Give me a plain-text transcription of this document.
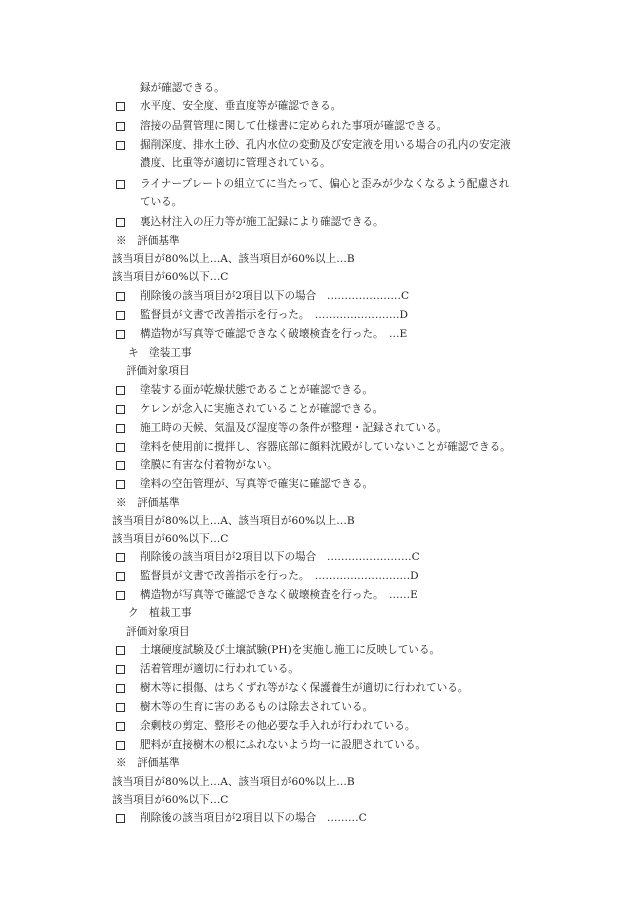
録が確認できる。
水平度、安全度、垂直度等が確認できる。
溶接の品質管理に関して仕様書に定められた事項が確認できる。
掘削深度、排水土砂、孔内水位の変動及び安定液を用いる場合の孔内の安定液
濃度、比重等が適切に管理されている。
ライナープレートの組立てに当たって、偏心と歪みが少なくなるよう配慮され
ている。
裏込材注入の圧力等が施工記録により確認できる。
※　評価基準
該当項目が80%以上…A、該当項目が60%以上…B
該当項目が60%以下…C
削除後の該当項目が2項目以下の場合　…………………C
監督員が文書で改善指示を行った。　……………………D
構造物が写真等で確認できなく破壊検査を行った。　…E
キ　塗装工事
評価対象項目
塗装する面が乾燥状態であることが確認できる。
ケレンが念入に実施されていることが確認できる。
施工時の天候、気温及び湿度等の条件が整理・記録されている。
塗料を使用前に撹拌し、容器底部に顔料沈殿がしていないことが確認できる。
塗膜に有害な付着物がない。
塗料の空缶管理が、写真等で確実に確認できる。
※　評価基準
該当項目が80%以上…A、該当項目が60%以上…B
該当項目が60%以下…C
削除後の該当項目が2項目以下の場合　……………………C
監督員が文書で改善指示を行った。　………………………D
構造物が写真等で確認できなく破壊検査を行った。　……E
ク　植栽工事
評価対象項目
土壌硬度試験及び土壌試験(PH)を実施し施工に反映している。
活着管理が適切に行われている。
樹木等に損傷、はちくずれ等がなく保護養生が適切に行われている。
樹木等の生育に害のあるものは除去されている。
余剰枝の剪定、整形その他必要な手入れが行われている。
肥料が直接樹木の根にふれないよう均一に設肥されている。
※　評価基準
該当項目が80%以上…A、該当項目が60%以上…B
該当項目が60%以下…C
削除後の該当項目が2項目以下の場合　………C
